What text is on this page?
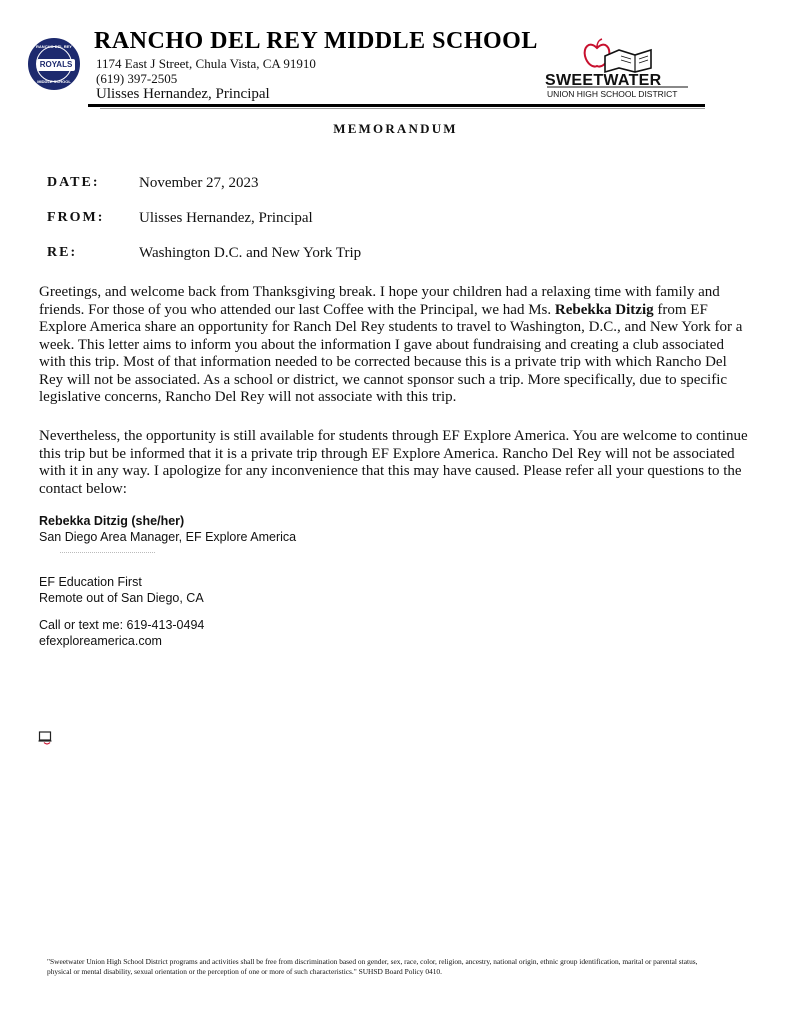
RANCHO DEL REY
ROYALS
MIDDLE SCHOOL
RANCHO DEL REY MIDDLE SCHOOL
1174 East J Street, Chula Vista, CA 91910
(619) 397-2505
Ulisses Hernandez, Principal
SWEETWATER
UNION HIGH SCHOOL DISTRICT
MEMORANDUM
DATE:	November 27, 2023
FROM: Ulisses Hernandez, Principal
RE:	Washington D.C. and New York Trip
Greetings, and welcome back from Thanksgiving break. I hope your children had a relaxing time with family and friends. For those of you who attended our last Coffee with the Principal, we had Ms. Rebekka Ditzig from EF Explore America share an opportunity for Ranch Del Rey students to travel to Washington, D.C., and New York for a week. This letter aims to inform you about the information I gave about fundraising and creating a club associated with this trip. Most of that information needed to be corrected because this is a private trip with which Rancho Del Rey will not be associated. As a school or district, we cannot sponsor such a trip. More specifically, due to specific legislative concerns, Rancho Del Rey will not associate with this trip.
Nevertheless, the opportunity is still available for students through EF Explore America. You are welcome to continue this trip but be informed that it is a private trip through EF Explore America. Rancho Del Rey will not be associated with it in any way. I apologize for any inconvenience that this may have caused. Please refer all your questions to the contact below:
Rebekka Ditzig (she/her)
San Diego Area Manager, EF Explore America
EF Education First
Remote out of San Diego, CA
Call or text me: 619-413-0494
efexploreamerica.com
"Sweetwater Union High School District programs and activities shall be free from discrimination based on gender, sex, race, color, religion, ancestry, national origin, ethnic group identification, marital or parental status, physical or mental disability, sexual orientation or the perception of one or more of such characteristics." SUHSD Board Policy 0410.
